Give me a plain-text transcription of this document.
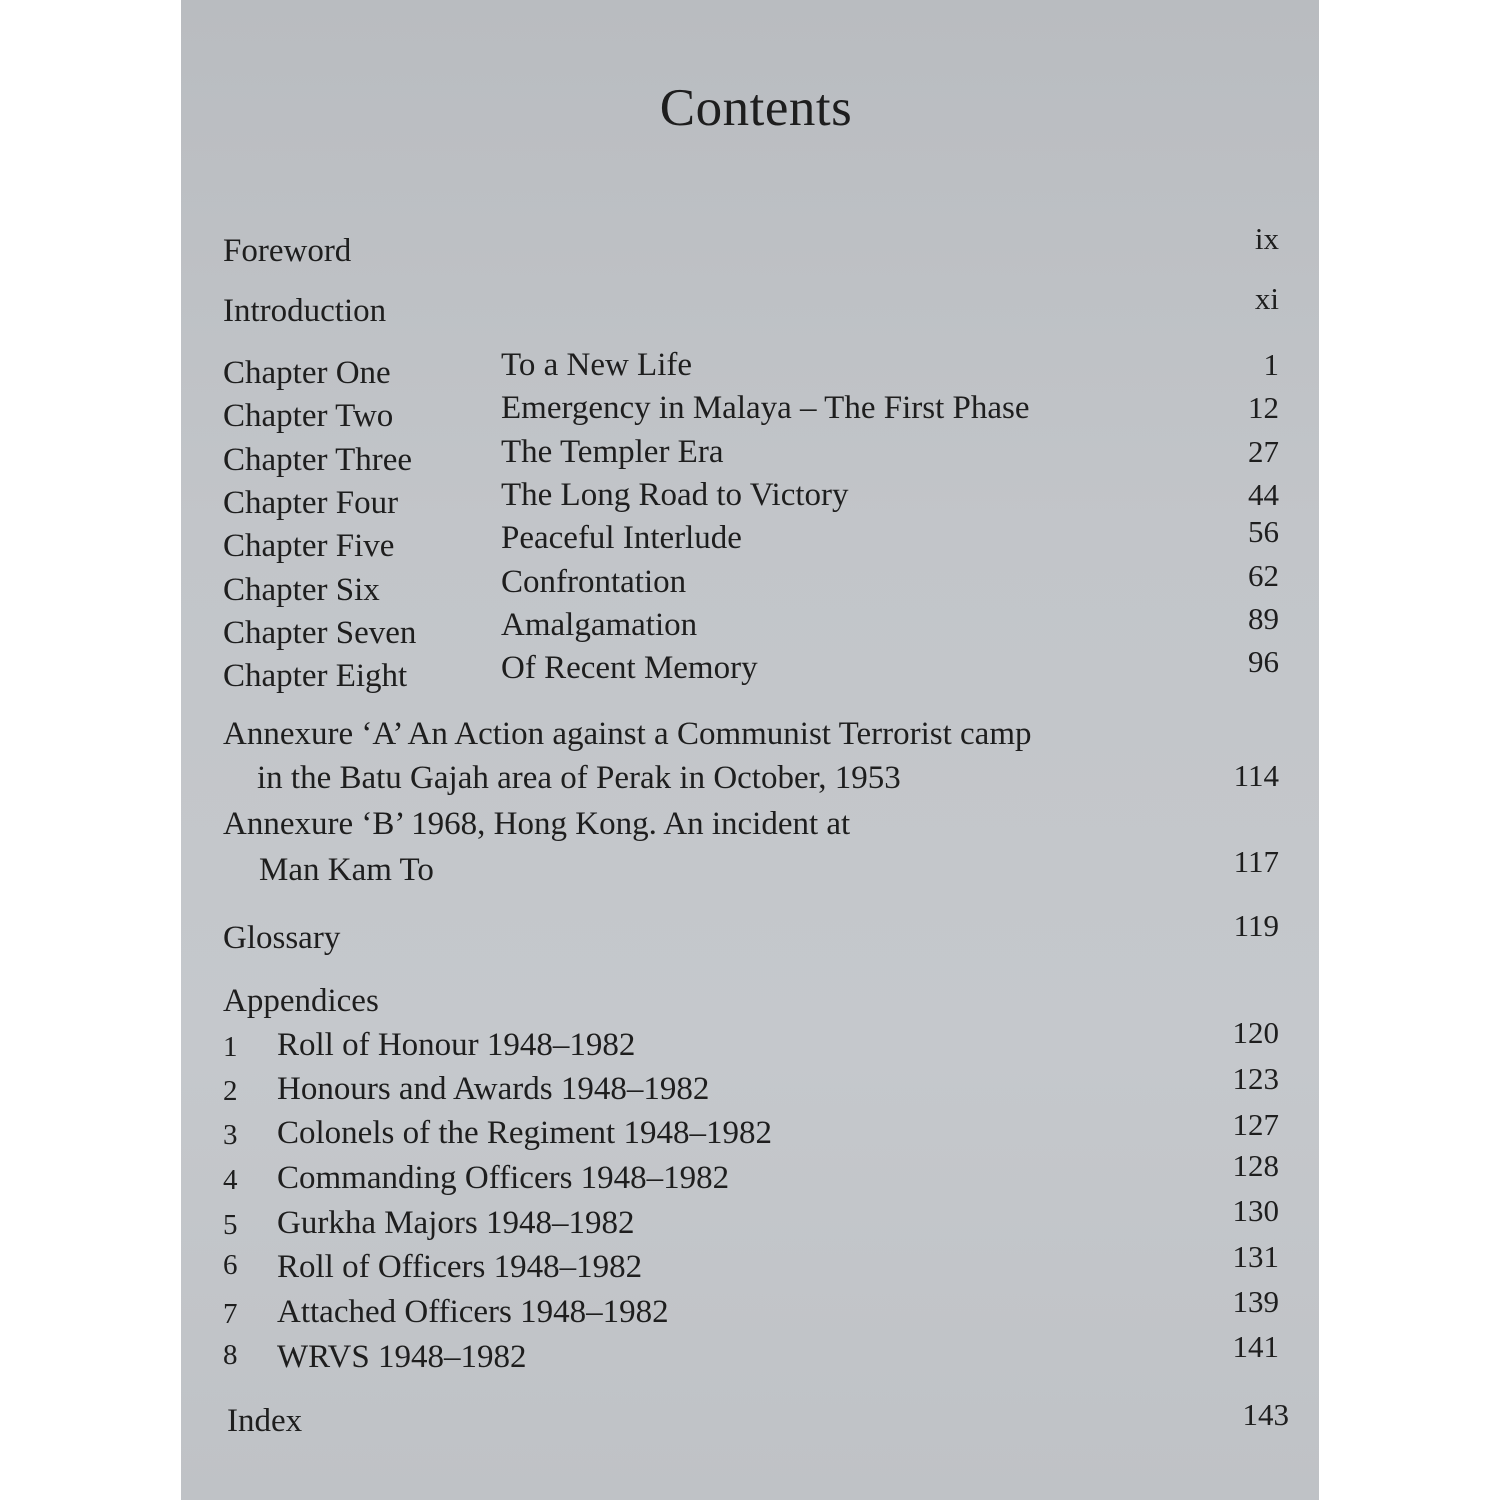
Contents
Foreword	ix
Introduction	xi
Chapter One	To a New Life	1
Chapter Two	Emergency in Malaya – The First Phase	12
Chapter Three	The Templer Era	27
Chapter Four	The Long Road to Victory	44
Chapter Five	Peaceful Interlude	56
Chapter Six	Confrontation	62
Chapter Seven	Amalgamation	89
Chapter Eight	Of Recent Memory	96
Annexure ‘A’ An Action against a Communist Terrorist camp
in the Batu Gajah area of Perak in October, 1953	114
Annexure ‘B’ 1968, Hong Kong. An incident at
Man Kam To	117
Glossary	119
Appendices
1 Roll of Honour 1948–1982	120
2 Honours and Awards 1948–1982	123
3 Colonels of the Regiment 1948–1982	127
4 Commanding Officers 1948–1982	128
5 Gurkha Majors 1948–1982	130
6 Roll of Officers 1948–1982	131
7 Attached Officers 1948–1982	139
8 WRVS 1948–1982	141
Index	143
